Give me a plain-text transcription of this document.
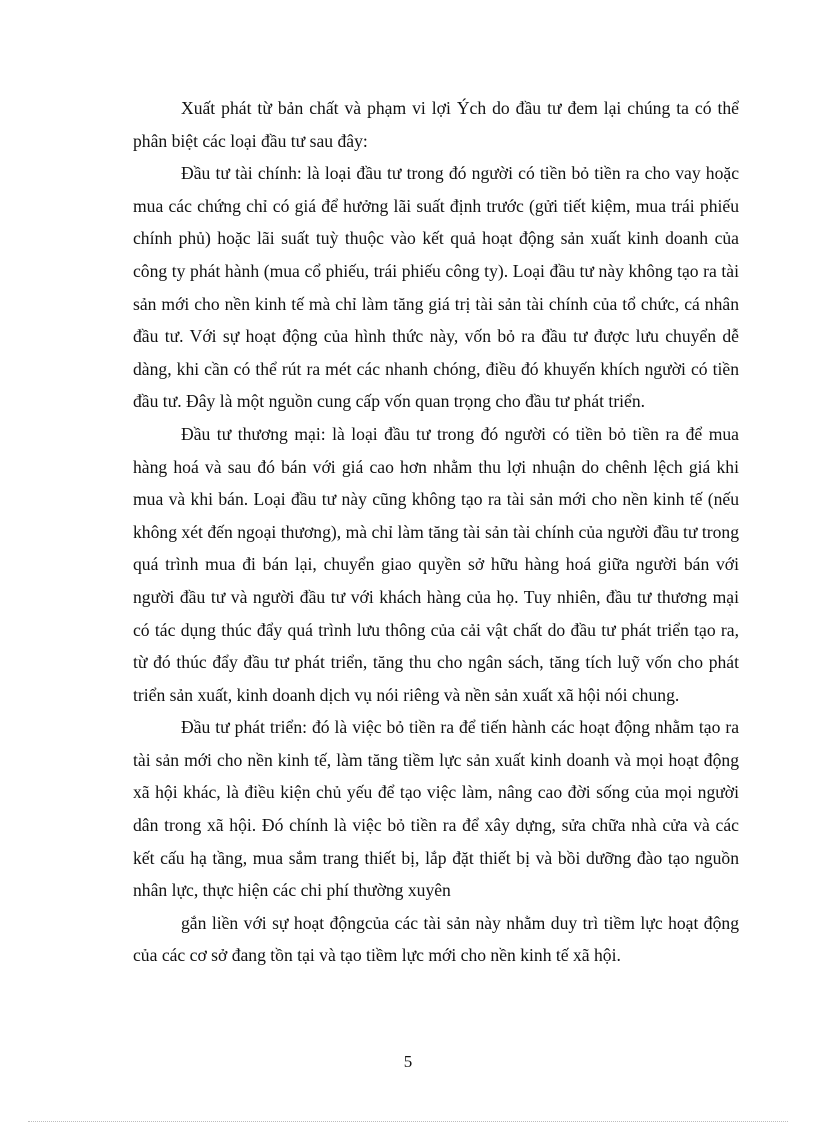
Xuất phát từ bản chất và phạm vi lợi Ých do đầu tư đem lại chúng ta có thể phân biệt các loại đầu tư sau đây:

Đầu tư tài chính: là loại đầu tư trong đó người có tiền bỏ tiền ra cho vay hoặc mua các chứng chỉ có giá để hưởng lãi suất định trước (gửi tiết kiệm, mua trái phiếu chính phủ) hoặc lãi suất tuỳ thuộc vào kết quả hoạt động sản xuất kinh doanh của công ty phát hành (mua cổ phiếu, trái phiếu công ty). Loại đầu tư này không tạo ra tài sản mới cho nền kinh tế mà chỉ làm tăng giá trị tài sản tài chính của tổ chức, cá nhân đầu tư. Với sự hoạt động của hình thức này, vốn bỏ ra đầu tư được lưu chuyển dễ dàng, khi cần có thể rút ra mét các nhanh chóng, điều đó khuyến khích người có tiền đầu tư. Đây là một nguồn cung cấp vốn quan trọng cho đầu tư phát triển.

Đầu tư thương mại: là loại đầu tư trong đó người có tiền bỏ tiền ra để mua hàng hoá và sau đó bán với giá cao hơn nhằm thu lợi nhuận do chênh lệch giá khi mua và khi bán. Loại đầu tư này cũng không tạo ra tài sản mới cho nền kinh tế (nếu không xét đến ngoại thương), mà chỉ làm tăng tài sản tài chính của người đầu tư trong quá trình mua đi bán lại, chuyển giao quyền sở hữu hàng hoá giữa người bán với người đầu tư và người đầu tư với khách hàng của họ. Tuy nhiên, đầu tư thương mại có tác dụng thúc đẩy quá trình lưu thông của cải vật chất do đầu tư phát triển tạo ra, từ đó thúc đẩy đầu tư phát triển, tăng thu cho ngân sách, tăng tích luỹ vốn cho phát triển sản xuất, kinh doanh dịch vụ nói riêng và nền sản xuất xã hội nói chung.

Đầu tư phát triển: đó là việc bỏ tiền ra để tiến hành các hoạt động nhằm tạo ra tài sản mới cho nền kinh tế, làm tăng tiềm lực sản xuất kinh doanh và mọi hoạt động xã hội khác, là điều kiện chủ yếu để tạo việc làm, nâng cao đời sống của mọi người dân trong xã hội. Đó chính là việc bỏ tiền ra để xây dựng, sửa chữa nhà cửa và các kết cấu hạ tầng, mua sắm trang thiết bị, lắp đặt thiết bị và bồi dưỡng đào tạo nguồn nhân lực, thực hiện các chi phí thường xuyên

gắn liền với sự hoạt độngcủa các tài sản này nhằm duy trì tiềm lực hoạt động của các cơ sở đang tồn tại và tạo tiềm lực mới cho nền kinh tế xã hội.

5
